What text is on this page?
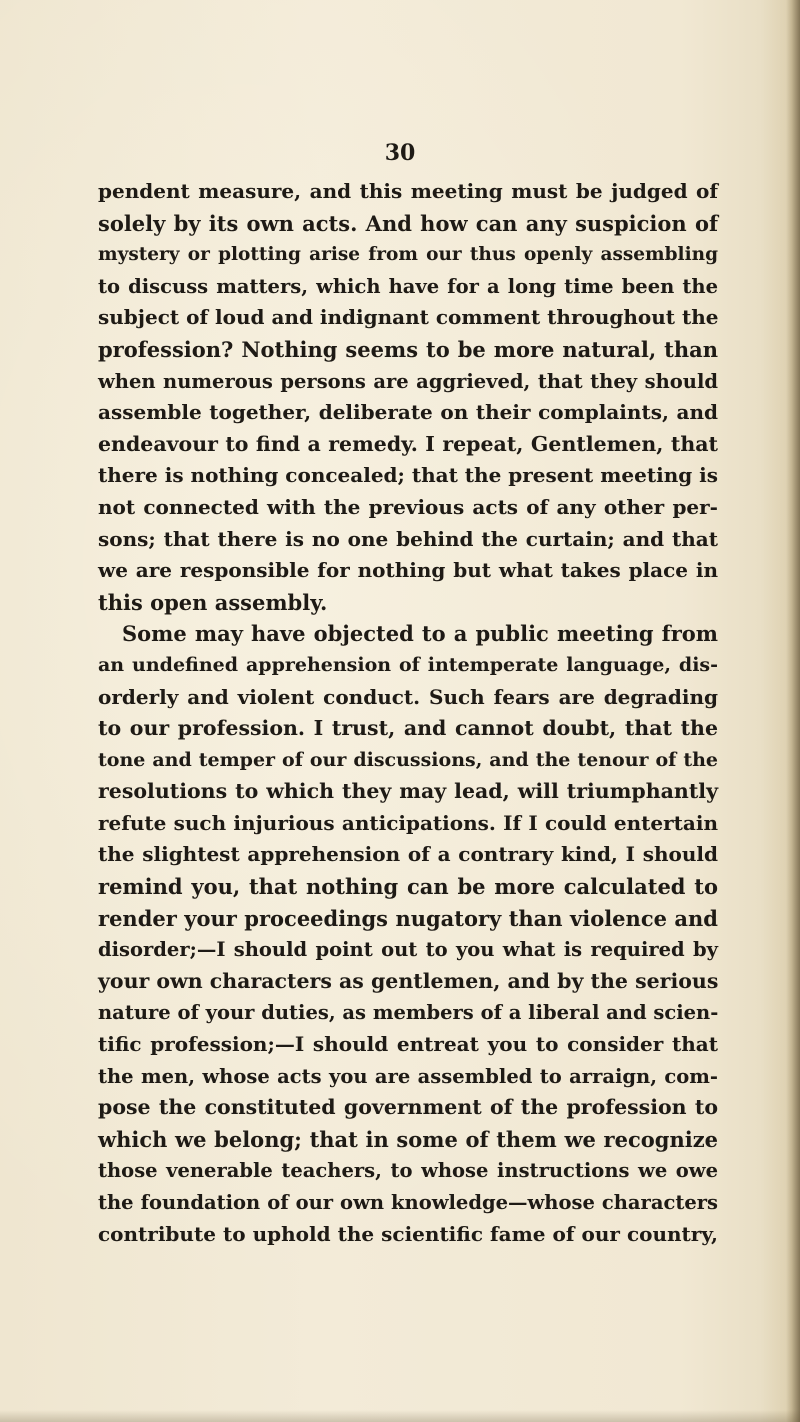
30
pendent measure, and this meeting must be judged of
solely by its own acts. And how can any suspicion of
mystery or plotting arise from our thus openly assembling
to discuss matters, which have for a long time been the
subject of loud and indignant comment throughout the
profession? Nothing seems to be more natural, than
when numerous persons are aggrieved, that they should
assemble together, deliberate on their complaints, and
endeavour to find a remedy. I repeat, Gentlemen, that
there is nothing concealed; that the present meeting is
not connected with the previous acts of any other per-
sons; that there is no one behind the curtain; and that
we are responsible for nothing but what takes place in
this open assembly.
Some may have objected to a public meeting from
an undefined apprehension of intemperate language, dis-
orderly and violent conduct. Such fears are degrading
to our profession. I trust, and cannot doubt, that the
tone and temper of our discussions, and the tenour of the
resolutions to which they may lead, will triumphantly
refute such injurious anticipations. If I could entertain
the slightest apprehension of a contrary kind, I should
remind you, that nothing can be more calculated to
render your proceedings nugatory than violence and
disorder;—I should point out to you what is required by
your own characters as gentlemen, and by the serious
nature of your duties, as members of a liberal and scien-
tific profession;—I should entreat you to consider that
the men, whose acts you are assembled to arraign, com-
pose the constituted government of the profession to
which we belong; that in some of them we recognize
those venerable teachers, to whose instructions we owe
the foundation of our own knowledge—whose characters
contribute to uphold the scientific fame of our country,
